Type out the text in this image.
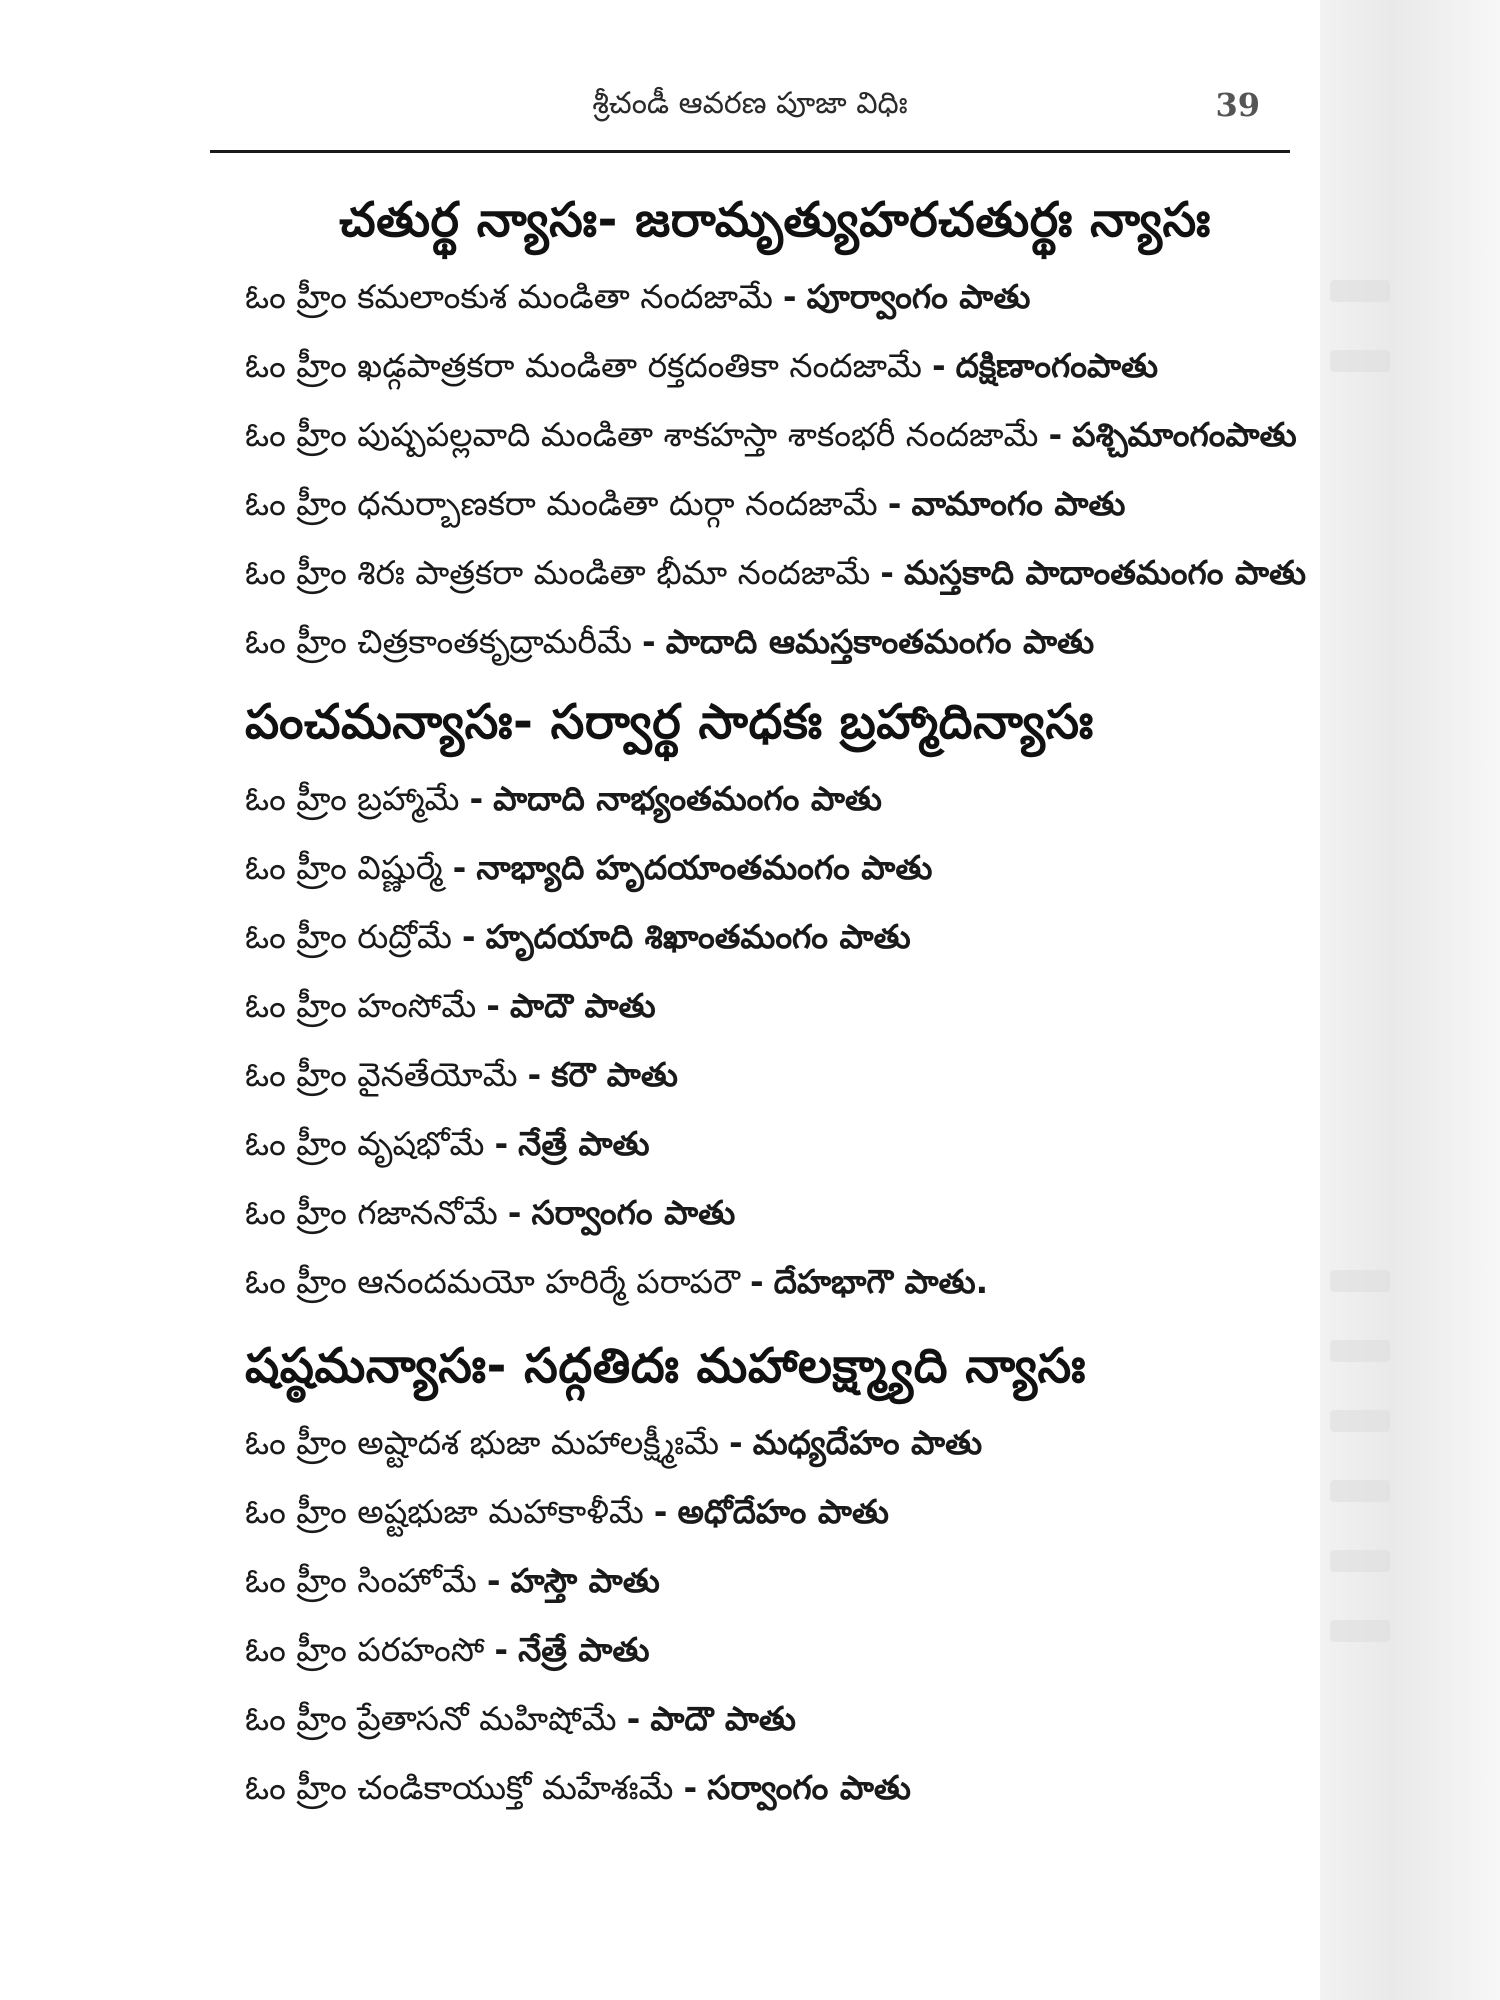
శ్రీచండీ ఆవరణ పూజా విధిః	39
చతుర్థ న్యాసః- జరామృత్యుహరచతుర్థః న్యాసః
ఓం హ్రీం కమలాంకుశ మండితా నందజామే - పూర్వాంగం పాతు
ఓం హ్రీం ఖడ్గపాత్రకరా మండితా రక్తదంతికా నందజామే - దక్షిణాంగంపాతు
ఓం హ్రీం పుష్పపల్లవాది మండితా శాకహస్తా శాకంభరీ నందజామే - పశ్చిమాంగంపాతు
ఓం హ్రీం ధనుర్బాణకరా మండితా దుర్గా నందజామే - వామాంగం పాతు
ఓం హ్రీం శిరః పాత్రకరా మండితా భీమా నందజామే - మస్తకాది పాదాంతమంగం పాతు
ఓం హ్రీం చిత్రకాంతకృద్రామరీమే - పాదాది ఆమస్తకాంతమంగం పాతు
పంచమన్యాసః- సర్వార్థ సాధకః బ్రహ్మాదిన్యాసః
ఓం హ్రీం బ్రహ్మామే - పాదాది నాభ్యంతమంగం పాతు
ఓం హ్రీం విష్ణుర్మే - నాభ్యాది హృదయాంతమంగం పాతు
ఓం హ్రీం రుద్రోమే - హృదయాది శిఖాంతమంగం పాతు
ఓం హ్రీం హంసోమే - పాదౌ పాతు
ఓం హ్రీం వైనతేయోమే - కరౌ పాతు
ఓం హ్రీం వృషభోమే - నేత్రే పాతు
ఓం హ్రీం గజాననోమే - సర్వాంగం పాతు
ఓం హ్రీం ఆనందమయో హరిర్మే పరాపరౌ - దేహభాగౌ పాతు.
షష్ఠమన్యాసః- సద్గతిదః మహాలక్ష్మ్యాది న్యాసః
ఓం హ్రీం అష్టాదశ భుజా మహాలక్ష్మీఃమే - మధ్యదేహం పాతు
ఓం హ్రీం అష్టభుజా మహాకాళీమే - అధోదేహం పాతు
ఓం హ్రీం సింహోమే - హస్తౌ పాతు
ఓం హ్రీం పరహంసో - నేత్రే పాతు
ఓం హ్రీం ప్రేతాసనో మహిషోమే - పాదౌ పాతు
ఓం హ్రీం చండికాయుక్తో మహేశఃమే - సర్వాంగం పాతు
